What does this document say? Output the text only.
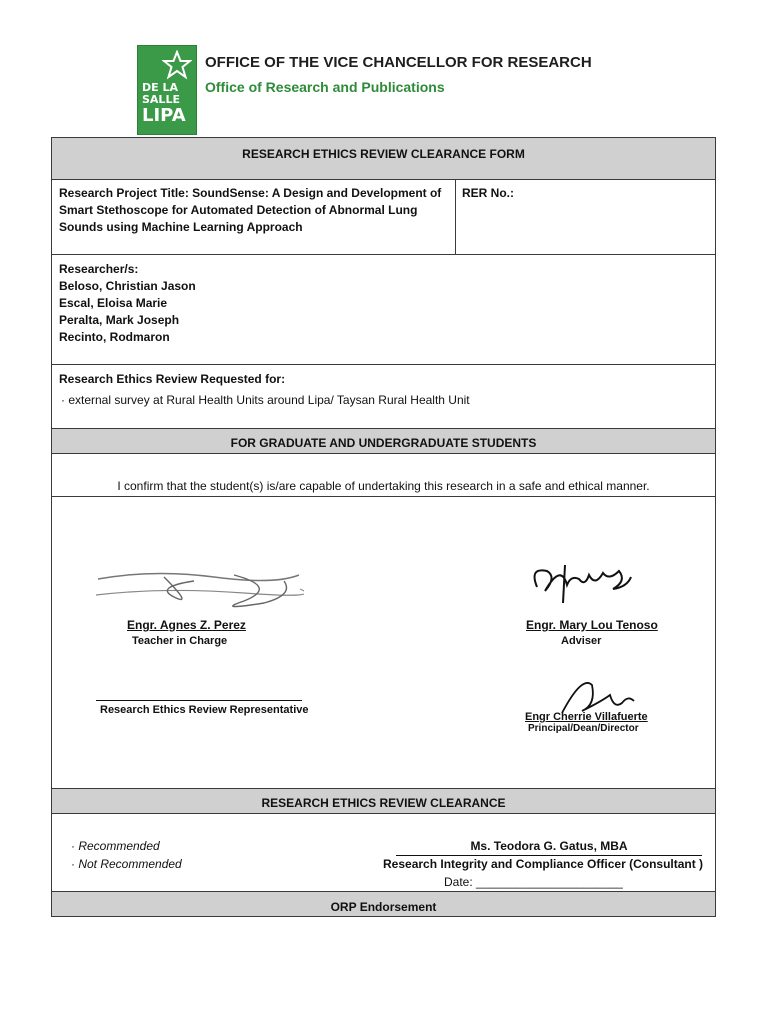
DE LA
SALLE
LIPA
OFFICE OF THE VICE CHANCELLOR FOR RESEARCH
Office of Research and Publications
RESEARCH ETHICS REVIEW CLEARANCE FORM
Research Project Title: SoundSense: A Design and Development of
Smart Stethoscope for Automated Detection of Abnormal Lung
Sounds using Machine Learning Approach
RER No.:
Researcher/s:
Beloso, Christian Jason
Escal, Eloisa Marie
Peralta, Mark Joseph
Recinto, Rodmaron
Research Ethics Review Requested for:
· external survey at Rural Health Units around Lipa/ Taysan Rural Health Unit
FOR GRADUATE AND UNDERGRADUATE STUDENTS
I confirm that the student(s) is/are capable of undertaking this research in a safe and ethical manner.
Engr. Agnes Z. Perez
Teacher in Charge
Engr. Mary Lou Tenoso
Adviser
Research Ethics Review Representative
Engr Cherrie Villafuerte
Principal/Dean/Director
RESEARCH ETHICS REVIEW CLEARANCE
· Recommended
· Not Recommended
Ms. Teodora G. Gatus, MBA
Research Integrity and Compliance Officer (Consultant )
Date: ______________________
ORP Endorsement
